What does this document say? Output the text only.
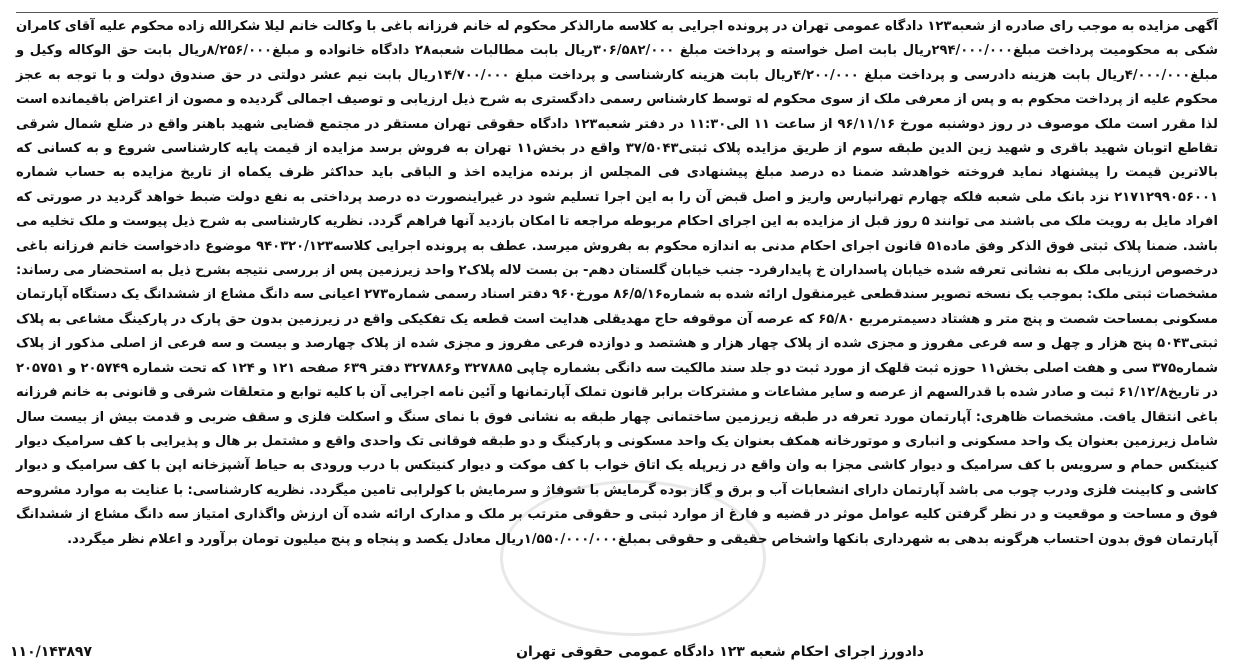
آگهی مزایده به موجب رای صادره از شعبه۱۲۳ دادگاه عمومی تهران در پرونده اجرایی به کلاسه مارالذکر محکوم له خانم فرزانه باغی با وکالت خانم لیلا شکرالله زاده محکوم علیه آقای کامران شکی به محکومیت پرداخت مبلغ۲۹۴/۰۰۰/۰۰۰ریال بابت اصل خواسته و پرداخت مبلغ ۳۰۶/۵۸۲/۰۰۰ریال بابت مطالبات شعبه۲۸ دادگاه خانواده و مبلغ۸/۲۵۶/۰۰۰ریال بابت حق الوکاله وکیل و مبلغ۴/۰۰۰/۰۰۰ریال بابت هزینه دادرسی و پرداخت مبلغ ۴/۲۰۰/۰۰۰ریال بابت هزینه کارشناسی و پرداخت مبلغ ۱۴/۷۰۰/۰۰۰ریال بابت نیم عشر دولتی در حق صندوق دولت و با توجه به عجز محکوم علیه از پرداخت محکوم به و پس از معرفی ملک از سوی محکوم له توسط کارشناس رسمی دادگستری به شرح ذیل ارزیابی و توصیف اجمالی گردیده و مصون از اعتراض باقیمانده است لذا مقرر است ملک موصوف در روز دوشنبه مورخ ۹۶/۱۱/۱۶ از ساعت ۱۱ الی۱۱:۳۰ در دفتر شعبه۱۲۳ دادگاه حقوقی تهران مستقر در مجتمع قضایی شهید باهنر واقع در ضلع شمال شرقی تقاطع اتوبان شهید باقری و شهید زین الدین طبقه سوم از طریق مزایده پلاک ثبتی۳۷/۵۰۴۳ واقع در بخش۱۱ تهران به فروش برسد مزایده از قیمت پایه کارشناسی شروع و به کسانی که بالاترین قیمت را پیشنهاد نماید فروخته خواهدشد ضمنا ده درصد مبلغ پیشنهادی فی المجلس از برنده مزایده اخذ و الباقی باید حداکثر ظرف یکماه از تاریخ مزایده به حساب شماره ۲۱۷۱۲۹۹۰۵۶۰۰۱ نزد بانک ملی شعبه فلکه چهارم تهرانپارس واریز و اصل قبض آن را به این اجرا تسلیم شود در غیراینصورت ده درصد پرداختی به نفع دولت ضبط خواهد گردید در صورتی که افراد مایل به رویت ملک می باشند می توانند ۵ روز قبل از مزایده به این اجرای احکام مربوطه مراجعه تا امکان بازدید آنها فراهم گردد. نظریه کارشناسی به شرح ذیل پیوست و ملک تخلیه می باشد. ضمنا پلاک ثبتی فوق الذکر وفق ماده۵۱ قانون اجرای احکام مدنی به اندازه محکوم به بفروش میرسد. عطف به پرونده اجرایی کلاسه۹۴۰۳۲۰/۱۲۳ موضوع دادخواست خانم فرزانه باغی درخصوص ارزیابی ملک به نشانی تعرفه شده خیابان پاسداران خ پایدارفرد- جنب خیابان گلستان دهم- بن بست لاله پلاک۲ واحد زیرزمین پس از بررسی نتیجه بشرح ذیل به استحضار می رساند: مشخصات ثبتی ملک: بموجب یک نسخه تصویر سندقطعی غیرمنقول ارائه شده به شماره۸۶/۵/۱۶ مورخ۹۶۰ دفتر اسناد رسمی شماره۲۷۳ اعیانی سه دانگ مشاع از ششدانگ یک دستگاه آپارتمان مسکونی بمساحت شصت و پنج متر و هشتاد دسیمترمربع ۶۵/۸۰ که عرصه آن موقوفه حاج مهدیقلی هدایت است قطعه یک تفکیکی واقع در زیرزمین بدون حق پارک در پارکینگ مشاعی به پلاک ثبتی۵۰۴۳ پنج هزار و چهل و سه فرعی مفروز و مجزی شده از پلاک چهار هزار و هشتصد و دوازده فرعی مفروز و مجزی شده از پلاک چهارصد و بیست و سه فرعی از اصلی مذکور از پلاک شماره۳۷۵ سی و هفت اصلی بخش۱۱ حوزه ثبت قلهک از مورد ثبت دو جلد سند مالکیت سه دانگی بشماره چاپی ۳۲۷۸۸۵ و۳۲۷۸۸۶ دفتر ۶۳۹ صفحه ۱۲۱ و ۱۲۴ که تحت شماره ۲۰۵۷۴۹ و ۲۰۵۷۵۱ در تاریخ۶۱/۱۲/۸ ثبت و صادر شده با قدرالسهم از عرصه و سایر مشاعات و مشترکات برابر قانون تملک آپارتمانها و آئین نامه اجرایی آن با کلیه توابع و متعلقات شرقی و قانونی به خانم فرزانه باغی انتقال یافت. مشخصات ظاهری: آپارتمان مورد تعرفه در طبقه زیرزمین ساختمانی چهار طبقه به نشانی فوق با نمای سنگ و اسکلت فلزی و سقف ضربی و قدمت بیش از بیست سال شامل زیرزمین بعنوان یک واحد مسکونی و انباری و موتورخانه همکف بعنوان یک واحد مسکونی و پارکینگ و دو طبقه فوقانی تک واحدی واقع و مشتمل بر هال و پذیرایی با کف سرامیک دیوار کنیتکس حمام و سرویس با کف سرامیک و دیوار کاشی مجزا به وان واقع در زیرپله یک اتاق خواب با کف موکت و دیوار کنیتکس با درب ورودی به حیاط آشپزخانه اپن با کف سرامیک و دیوار کاشی و کابینت فلزی ودرب چوب می باشد آپارتمان دارای انشعابات آب و برق و گاز بوده گرمایش با شوفاژ و سرمایش با کولرابی تامین میگردد. نظریه کارشناسی: با عنایت به موارد مشروحه فوق و مساحت و موقعیت و در نظر گرفتن کلیه عوامل موثر در قضیه و فارغ از موارد ثبتی و حقوقی مترتب بر ملک و مدارک ارائه شده آن ارزش واگذاری امتیاز سه دانگ مشاع از ششدانگ آپارتمان فوق بدون احتساب هرگونه بدهی به شهرداری بانکها واشخاص حقیقی و حقوقی بمبلغ۱/۵۵۰/۰۰۰/۰۰۰ریال معادل یکصد و پنجاه و پنج میلیون تومان برآورد و اعلام نظر میگردد.

دادورز اجرای احکام شعبه ۱۲۳ دادگاه عمومی حقوقی تهران
۱۱۰/۱۴۳۸۹۷
